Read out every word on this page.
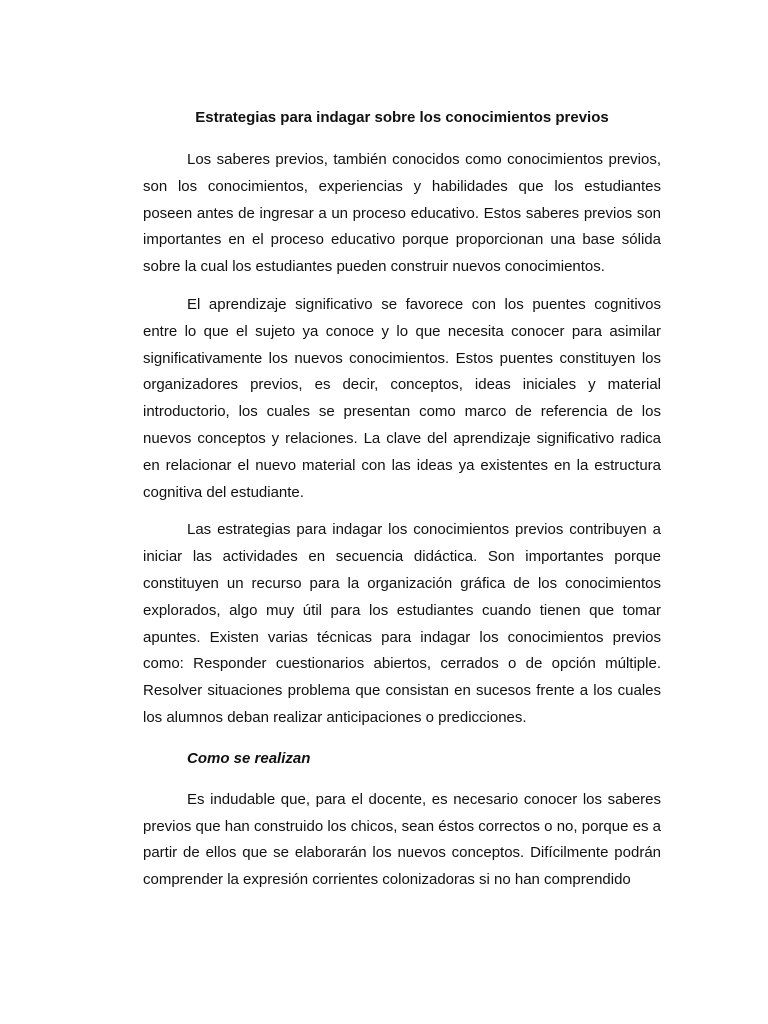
Estrategias para indagar sobre los conocimientos previos

Los saberes previos, también conocidos como conocimientos previos, son los conocimientos, experiencias y habilidades que los estudiantes poseen antes de ingresar a un proceso educativo. Estos saberes previos son importantes en el proceso educativo porque proporcionan una base sólida sobre la cual los estudiantes pueden construir nuevos conocimientos.

El aprendizaje significativo se favorece con los puentes cognitivos entre lo que el sujeto ya conoce y lo que necesita conocer para asimilar significativamente los nuevos conocimientos. Estos puentes constituyen los organizadores previos, es decir, conceptos, ideas iniciales y material introductorio, los cuales se presentan como marco de referencia de los nuevos conceptos y relaciones. La clave del aprendizaje significativo radica en relacionar el nuevo material con las ideas ya existentes en la estructura cognitiva del estudiante.

Las estrategias para indagar los conocimientos previos contribuyen a iniciar las actividades en secuencia didáctica. Son importantes porque constituyen un recurso para la organización gráfica de los conocimientos explorados, algo muy útil para los estudiantes cuando tienen que tomar apuntes. Existen varias técnicas para indagar los conocimientos previos como: Responder cuestionarios abiertos, cerrados o de opción múltiple. Resolver situaciones problema que consistan en sucesos frente a los cuales los alumnos deban realizar anticipaciones o predicciones.

Como se realizan

Es indudable que, para el docente, es necesario conocer los saberes previos que han construido los chicos, sean éstos correctos o no, porque es a partir de ellos que se elaborarán los nuevos conceptos. Difícilmente podrán comprender la expresión corrientes colonizadoras si no han comprendido
